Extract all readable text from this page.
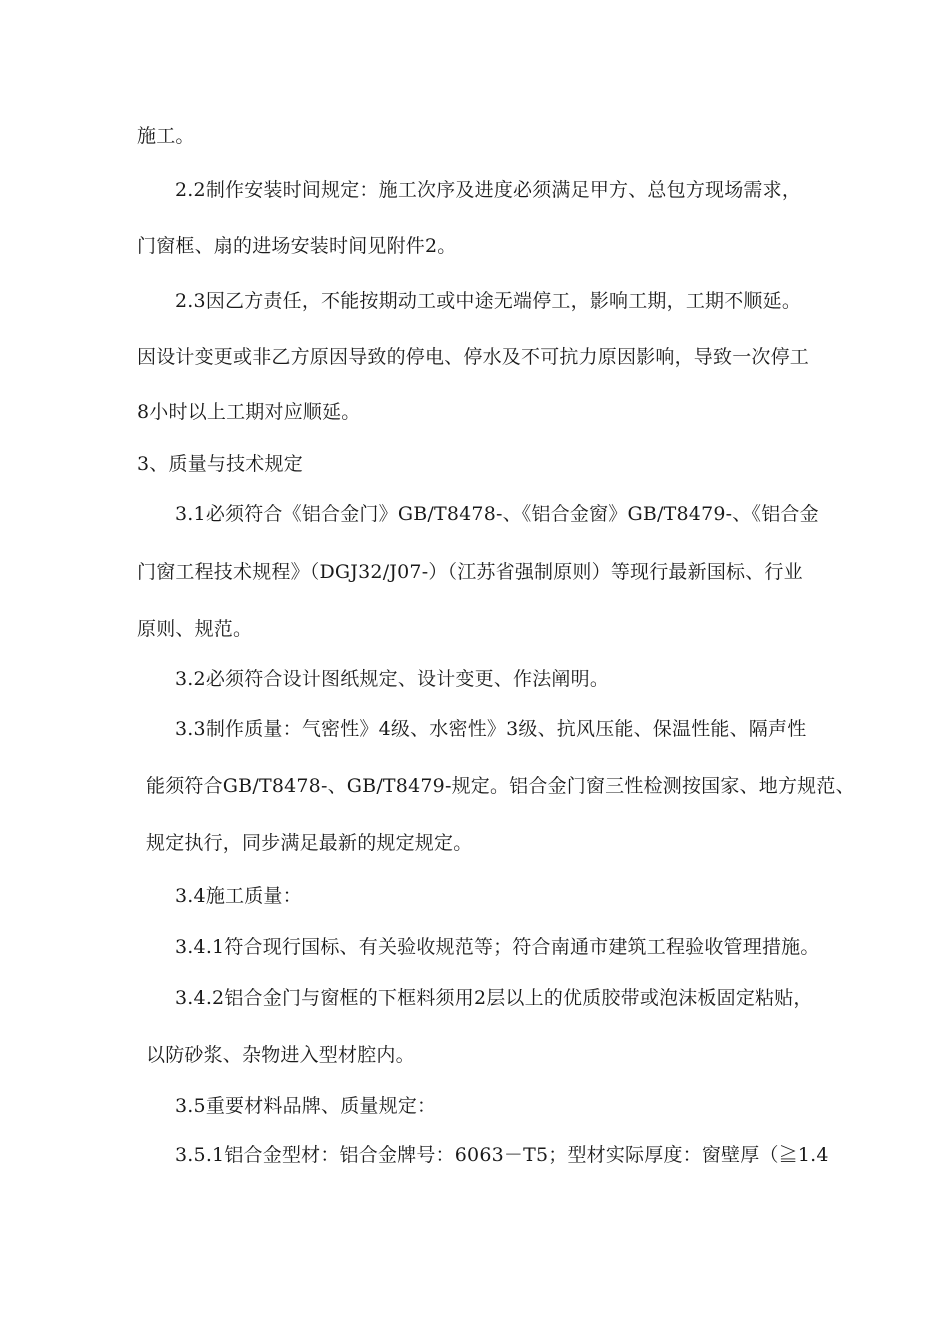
施工。
2.2制作安装时间规定：施工次序及进度必须满足甲方、总包方现场需求，
门窗框、扇的进场安装时间见附件2。
2.3因乙方责任，不能按期动工或中途无端停工，影响工期，工期不顺延。
因设计变更或非乙方原因导致的停电、停水及不可抗力原因影响，导致一次停工
8小时以上工期对应顺延。
3、质量与技术规定
3.1必须符合《铝合金门》GB/T8478-、《铝合金窗》GB/T8479-、《铝合金
门窗工程技术规程》（DGJ32/J07-）（江苏省强制原则）等现行最新国标、行业
原则、规范。
3.2必须符合设计图纸规定、设计变更、作法阐明。
3.3制作质量：气密性》4级、水密性》3级、抗风压能、保温性能、隔声性
能须符合GB/T8478-、GB/T8479-规定。铝合金门窗三性检测按国家、地方规范、
规定执行，同步满足最新的规定规定。
3.4施工质量：
3.4.1符合现行国标、有关验收规范等；符合南通市建筑工程验收管理措施。
3.4.2铝合金门与窗框的下框料须用2层以上的优质胶带或泡沫板固定粘贴，
以防砂浆、杂物进入型材腔内。
3.5重要材料品牌、质量规定：
3.5.1铝合金型材：铝合金牌号：6063－T5；型材实际厚度：窗壁厚（≧1.4
